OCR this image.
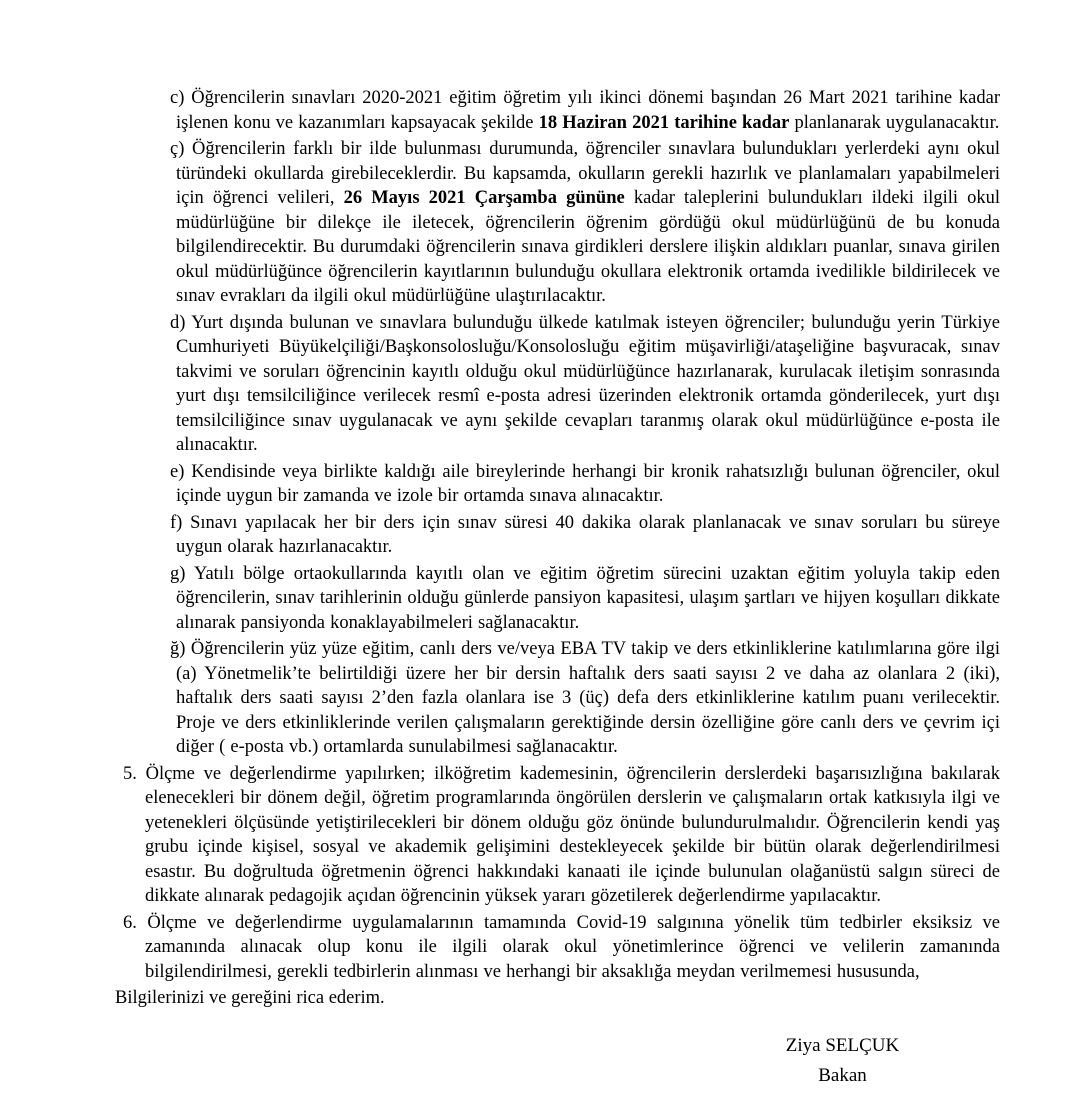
c) Öğrencilerin sınavları 2020-2021 eğitim öğretim yılı ikinci dönemi başından 26 Mart 2021 tarihine kadar işlenen konu ve kazanımları kapsayacak şekilde 18 Haziran 2021 tarihine kadar planlanarak uygulanacaktır.
ç) Öğrencilerin farklı bir ilde bulunması durumunda, öğrenciler sınavlara bulundukları yerlerdeki aynı okul türündeki okullarda girebileceklerdir. Bu kapsamda, okulların gerekli hazırlık ve planlamaları yapabilmeleri için öğrenci velileri, 26 Mayıs 2021 Çarşamba gününe kadar taleplerini bulundukları ildeki ilgili okul müdürlüğüne bir dilekçe ile iletecek, öğrencilerin öğrenim gördüğü okul müdürlüğünü de bu konuda bilgilendirecektir. Bu durumdaki öğrencilerin sınava girdikleri derslere ilişkin aldıkları puanlar, sınava girilen okul müdürlüğünce öğrencilerin kayıtlarının bulunduğu okullara elektronik ortamda ivedilikle bildirilecek ve sınav evrakları da ilgili okul müdürlüğüne ulaştırılacaktır.
d) Yurt dışında bulunan ve sınavlara bulunduğu ülkede katılmak isteyen öğrenciler; bulunduğu yerin Türkiye Cumhuriyeti Büyükelçiliği/Başkonsolosluğu/Konsolosluğu eğitim müşavirliği/ataşeliğine başvuracak, sınav takvimi ve soruları öğrencinin kayıtlı olduğu okul müdürlüğünce hazırlanarak, kurulacak iletişim sonrasında yurt dışı temsilciliğince verilecek resmî e-posta adresi üzerinden elektronik ortamda gönderilecek, yurt dışı temsilciliğince sınav uygulanacak ve aynı şekilde cevapları taranmış olarak okul müdürlüğünce e-posta ile alınacaktır.
e) Kendisinde veya birlikte kaldığı aile bireylerinde herhangi bir kronik rahatsızlığı bulunan öğrenciler, okul içinde uygun bir zamanda ve izole bir ortamda sınava alınacaktır.
f) Sınavı yapılacak her bir ders için sınav süresi 40 dakika olarak planlanacak ve sınav soruları bu süreye uygun olarak hazırlanacaktır.
g) Yatılı bölge ortaokullarında kayıtlı olan ve eğitim öğretim sürecini uzaktan eğitim yoluyla takip eden öğrencilerin, sınav tarihlerinin olduğu günlerde pansiyon kapasitesi, ulaşım şartları ve hijyen koşulları dikkate alınarak pansiyonda konaklayabilmeleri sağlanacaktır.
ğ) Öğrencilerin yüz yüze eğitim, canlı ders ve/veya EBA TV takip ve ders etkinliklerine katılımlarına göre ilgi (a) Yönetmelik’te belirtildiği üzere her bir dersin haftalık ders saati sayısı 2 ve daha az olanlara 2 (iki), haftalık ders saati sayısı 2’den fazla olanlara ise 3 (üç) defa ders etkinliklerine katılım puanı verilecektir. Proje ve ders etkinliklerinde verilen çalışmaların gerektiğinde dersin özelliğine göre canlı ders ve çevrim içi diğer ( e-posta vb.) ortamlarda sunulabilmesi sağlanacaktır.
5. Ölçme ve değerlendirme yapılırken; ilköğretim kademesinin, öğrencilerin derslerdeki başarısızlığına bakılarak elenecekleri bir dönem değil, öğretim programlarında öngörülen derslerin ve çalışmaların ortak katkısıyla ilgi ve yetenekleri ölçüsünde yetiştirilecekleri bir dönem olduğu göz önünde bulundurulmalıdır. Öğrencilerin kendi yaş grubu içinde kişisel, sosyal ve akademik gelişimini destekleyecek şekilde bir bütün olarak değerlendirilmesi esastır. Bu doğrultuda öğretmenin öğrenci hakkındaki kanaati ile içinde bulunulan olağanüstü salgın süreci de dikkate alınarak pedagojik açıdan öğrencinin yüksek yararı gözetilerek değerlendirme yapılacaktır.
6. Ölçme ve değerlendirme uygulamalarının tamamında Covid-19 salgınına yönelik tüm tedbirler eksiksiz ve zamanında alınacak olup konu ile ilgili olarak okul yönetimlerince öğrenci ve velilerin zamanında bilgilendirilmesi, gerekli tedbirlerin alınması ve herhangi bir aksaklığa meydan verilmemesi hususunda,
Bilgilerinizi ve gereğini rica ederim.
Ziya SELÇUK
Bakan
